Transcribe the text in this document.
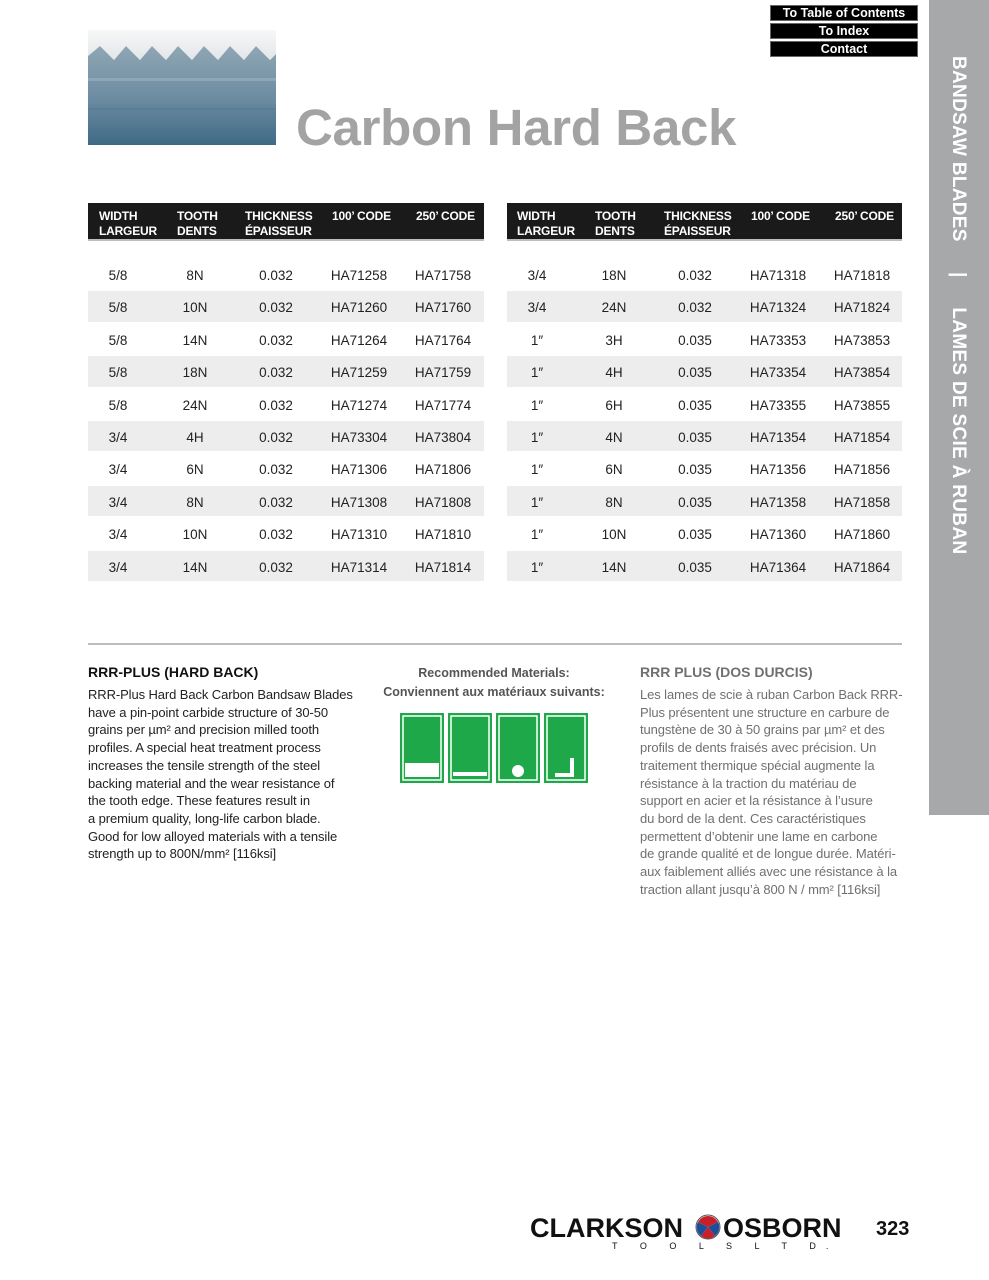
To Table of Contents
To Index
Contact
BANDSAW BLADES|LAMES DE SCIE À RUBAN
Carbon Hard Back
WIDTH
LARGEUR
TOOTH
DENTS
THICKNESS
ÉPAISSEUR
100’ CODE 250’ CODE
5/8	8N	0.032	HA71258 HA71758
5/8	10N	0.032	HA71260 HA71760
5/8	14N	0.032	HA71264 HA71764
5/8	18N	0.032	HA71259 HA71759
5/8	24N	0.032	HA71274 HA71774
3/4	4H	0.032	HA73304 HA73804
3/4	6N	0.032	HA71306 HA71806
3/4	8N	0.032	HA71308 HA71808
3/4	10N	0.032	HA71310 HA71810
3/4	14N	0.032	HA71314 HA71814
WIDTH
LARGEUR
TOOTH
DENTS
THICKNESS
ÉPAISSEUR
100’ CODE 250’ CODE
3/4	18N	0.032	HA71318 HA71818
3/4	24N	0.032	HA71324 HA71824
1″	3H	0.035	HA73353 HA73853
1″	4H	0.035	HA73354 HA73854
1″	6H	0.035	HA73355 HA73855
1″	4N	0.035	HA71354 HA71854
1″	6N	0.035	HA71356 HA71856
1″	8N	0.035	HA71358 HA71858
1″	10N	0.035	HA71360 HA71860
1″	14N	0.035	HA71364 HA71864
RRR-PLUS (HARD BACK)
RRR-Plus Hard Back Carbon Bandsaw Blades
have a pin-point carbide structure of 30-50
grains per µm² and precision milled tooth
profiles. A special heat treatment process
increases the tensile strength of the steel
backing material and the wear resistance of
the tooth edge. These features result in
a premium quality, long-life carbon blade.
Good for low alloyed materials with a tensile
strength up to 800N/mm² [116ksi]
Recommended Materials:
Conviennent aux matériaux suivants:
RRR PLUS (DOS DURCIS)
Les lames de scie à ruban Carbon Back RRR-
Plus présentent une structure en carbure de
tungstène de 30 à 50 grains par µm² et des
profils de dents fraisés avec précision. Un
traitement thermique spécial augmente la
résistance à la traction du matériau de
support en acier et la résistance à l’usure
du bord de la dent. Ces caractéristiques
permettent d’obtenir une lame en carbone
de grande qualité et de longue durée. Matéri-
aux faiblement alliés avec une résistance à la
traction allant jusqu’à 800 N / mm² [116ksi]
CLARKSON OSBORN
T O O L S L T D.
323
